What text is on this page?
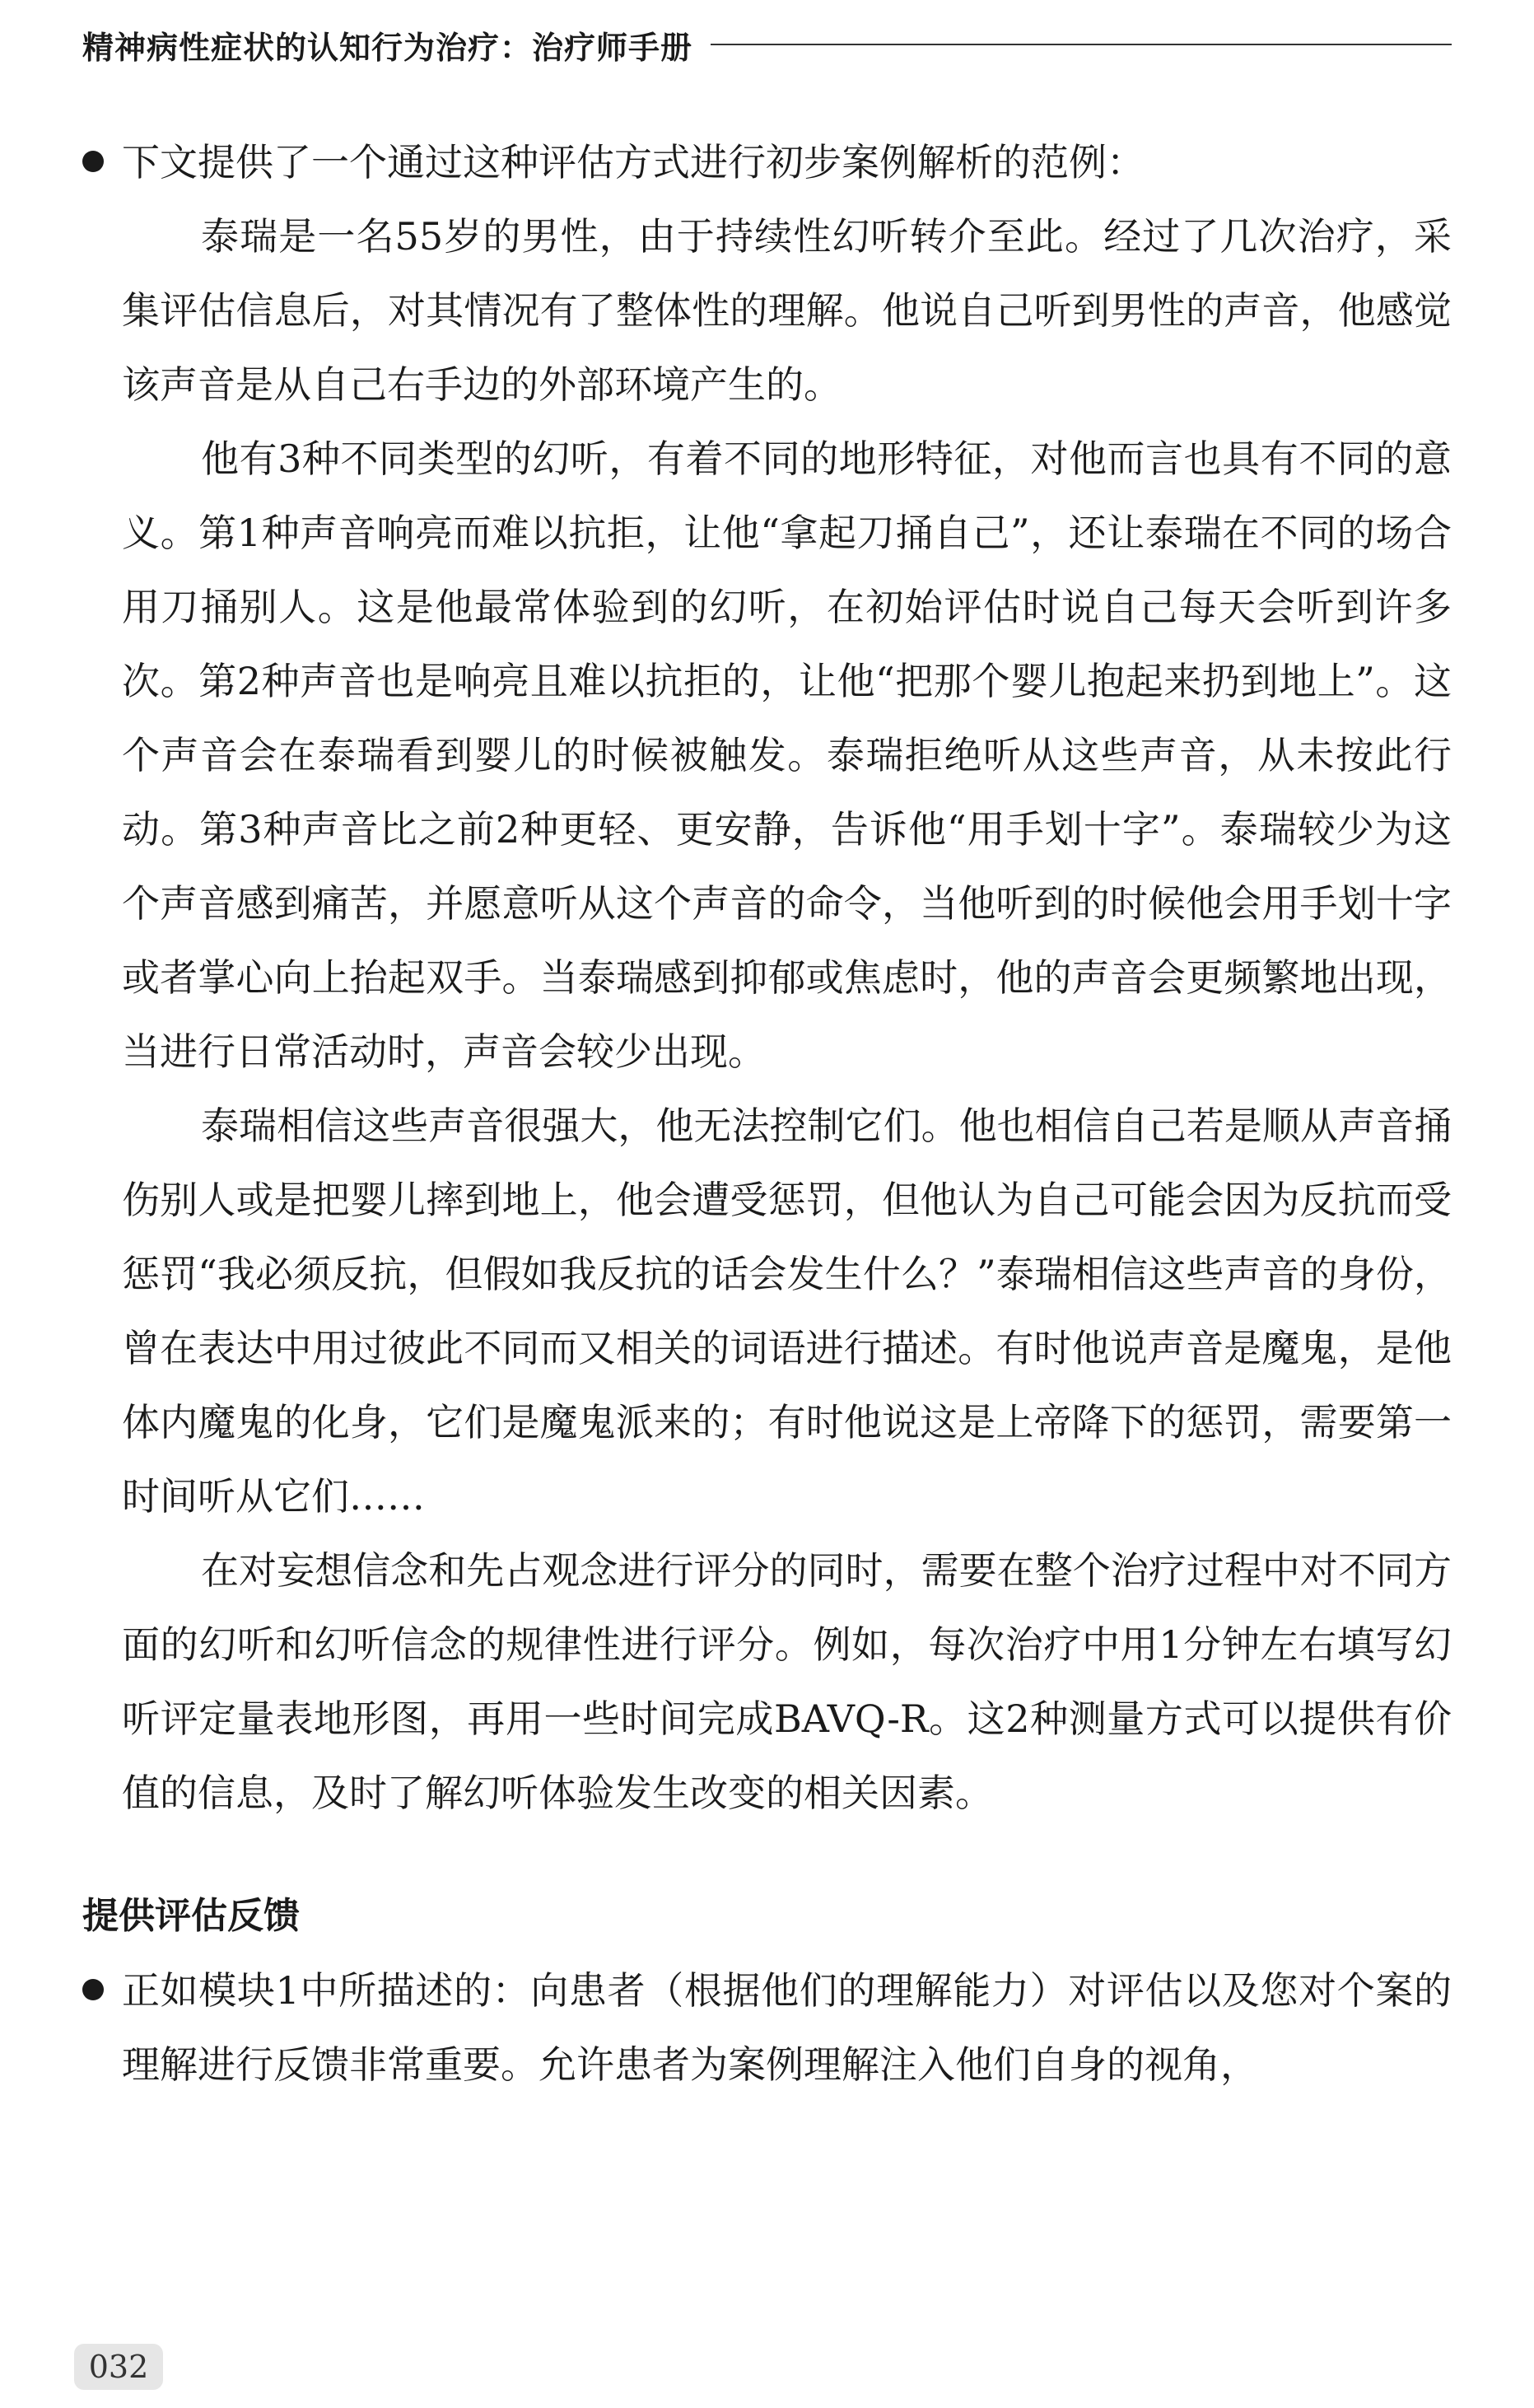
精神病性症状的认知行为治疗：治疗师手册
下文提供了一个通过这种评估方式进行初步案例解析的范例：

泰瑞是一名55岁的男性，由于持续性幻听转介至此。经过了几次治疗，采集评估信息后，对其情况有了整体性的理解。他说自己听到男性的声音，他感觉该声音是从自己右手边的外部环境产生的。

他有3种不同类型的幻听，有着不同的地形特征，对他而言也具有不同的意义。第1种声音响亮而难以抗拒，让他“拿起刀捅自己”，还让泰瑞在不同的场合用刀捅别人。这是他最常体验到的幻听，在初始评估时说自己每天会听到许多次。第2种声音也是响亮且难以抗拒的，让他“把那个婴儿抱起来扔到地上”。这个声音会在泰瑞看到婴儿的时候被触发。泰瑞拒绝听从这些声音，从未按此行动。第3种声音比之前2种更轻、更安静，告诉他“用手划十字”。泰瑞较少为这个声音感到痛苦，并愿意听从这个声音的命令，当他听到的时候他会用手划十字或者掌心向上抬起双手。当泰瑞感到抑郁或焦虑时，他的声音会更频繁地出现，当进行日常活动时，声音会较少出现。

泰瑞相信这些声音很强大，他无法控制它们。他也相信自己若是顺从声音捅伤别人或是把婴儿摔到地上，他会遭受惩罚，但他认为自己可能会因为反抗而受惩罚“我必须反抗，但假如我反抗的话会发生什么？”泰瑞相信这些声音的身份，曾在表达中用过彼此不同而又相关的词语进行描述。有时他说声音是魔鬼，是他体内魔鬼的化身，它们是魔鬼派来的；有时他说这是上帝降下的惩罚，需要第一时间听从它们……

在对妄想信念和先占观念进行评分的同时，需要在整个治疗过程中对不同方面的幻听和幻听信念的规律性进行评分。例如，每次治疗中用1分钟左右填写幻听评定量表地形图，再用一些时间完成BAVQ-R。这2种测量方式可以提供有价值的信息，及时了解幻听体验发生改变的相关因素。

提供评估反馈
正如模块1中所描述的：向患者（根据他们的理解能力）对评估以及您对个案的理解进行反馈非常重要。允许患者为案例理解注入他们自身的视角，
032
